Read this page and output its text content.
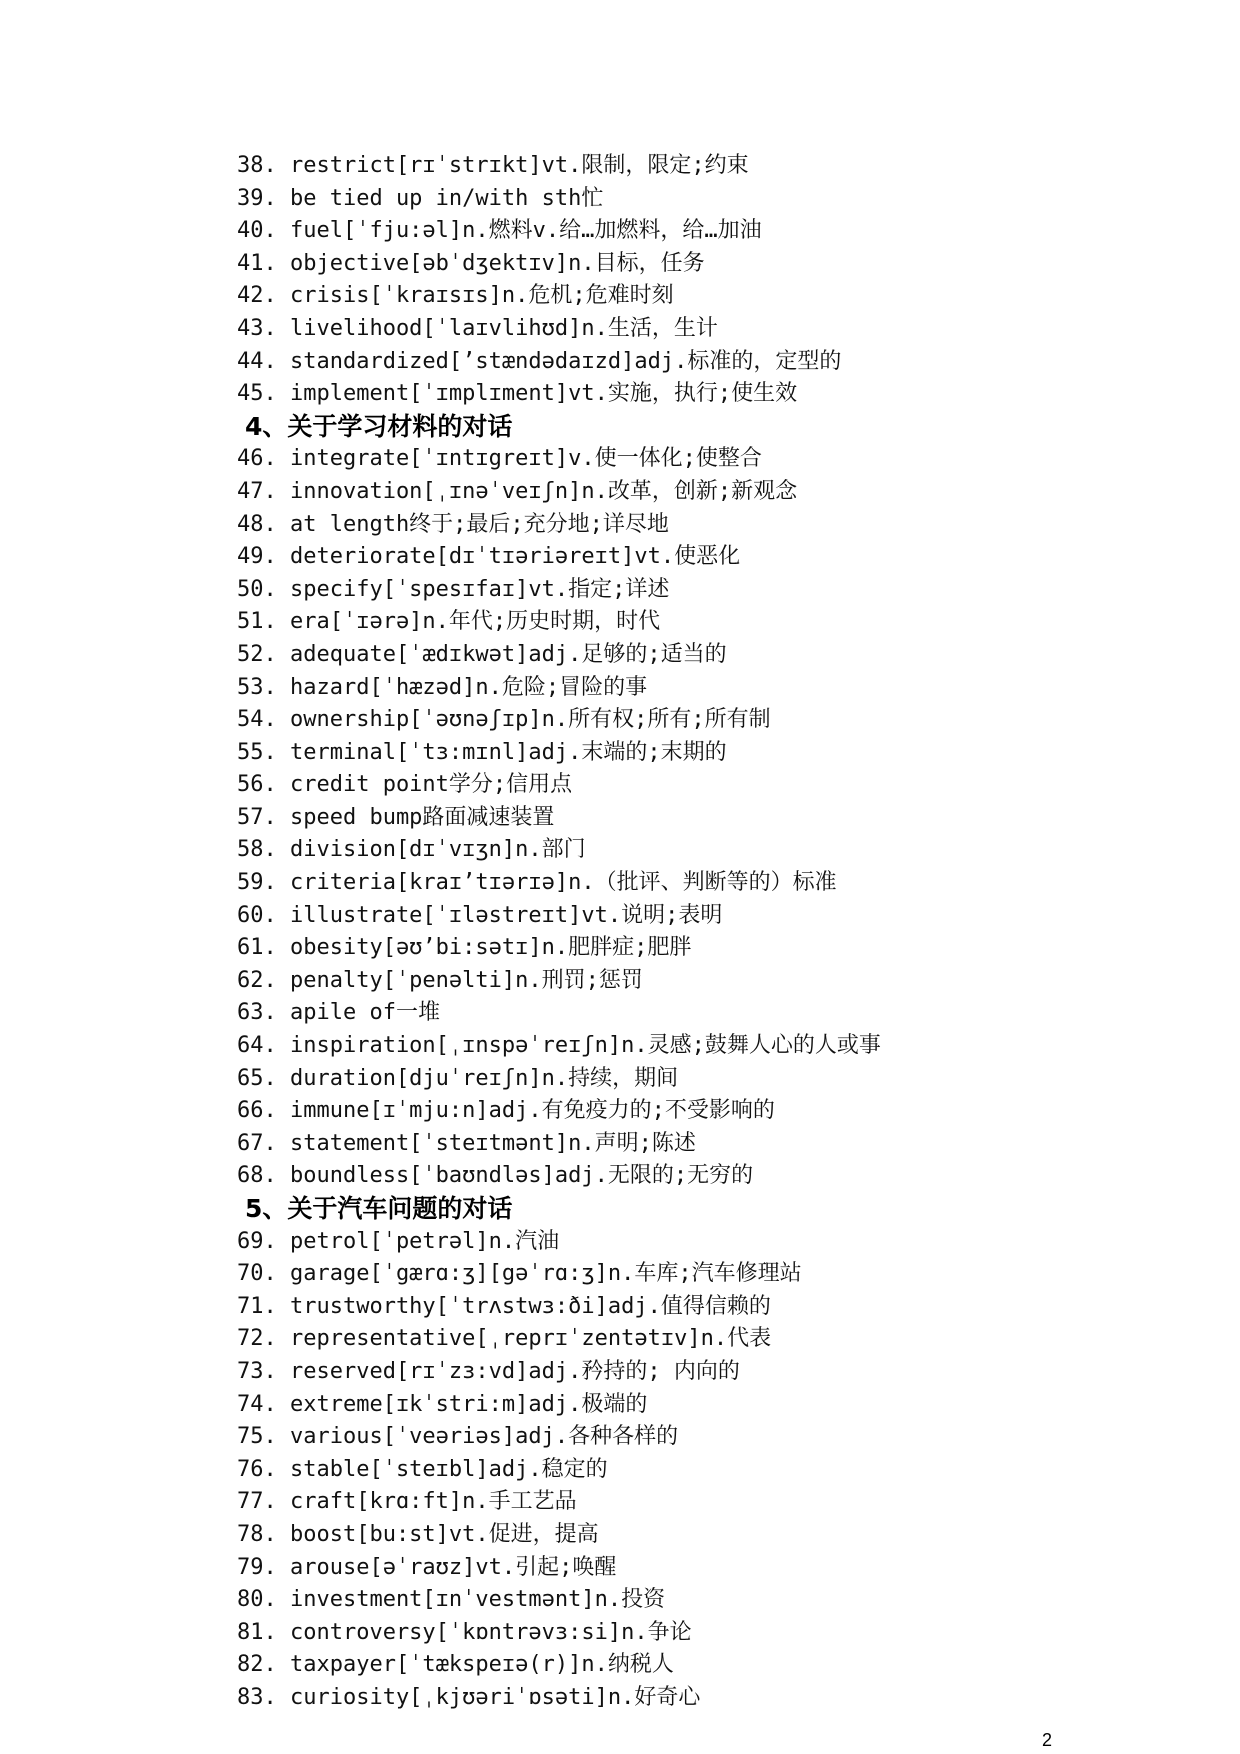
38. restrict[rɪˈstrɪkt]vt.限制，限定;约束
39. be tied up in/with sth忙
40. fuel[ˈfju:əl]n.燃料v.给…加燃料，给…加油
41. objective[əbˈdʒektɪv]n.目标，任务
42. crisis[ˈkraɪsɪs]n.危机;危难时刻
43. livelihood[ˈlaɪvlihʊd]n.生活，生计
44. standardized[’stændədaɪzd]adj.标准的，定型的
45. implement[ˈɪmplɪment]vt.实施，执行;使生效
4、关于学习材料的对话
46. integrate[ˈɪntɪgreɪt]v.使一体化;使整合
47. innovation[ˌɪnəˈveɪʃn]n.改革，创新;新观念
48. at length终于;最后;充分地;详尽地
49. deteriorate[dɪˈtɪəriəreɪt]vt.使恶化
50. specify[ˈspesɪfaɪ]vt.指定;详述
51. era[ˈɪərə]n.年代;历史时期，时代
52. adequate[ˈædɪkwət]adj.足够的;适当的
53. hazard[ˈhæzəd]n.危险;冒险的事
54. ownership[ˈəʊnəʃɪp]n.所有权;所有;所有制
55. terminal[ˈtɜ:mɪnl]adj.末端的;末期的
56. credit point学分;信用点
57. speed bump路面减速装置
58. division[dɪˈvɪʒn]n.部门
59. criteria[kraɪ’tɪərɪə]n.（批评、判断等的）标准
60. illustrate[ˈɪləstreɪt]vt.说明;表明
61. obesity[əʊ’bi:sətɪ]n.肥胖症;肥胖
62. penalty[ˈpenəlti]n.刑罚;惩罚
63. apile of一堆
64. inspiration[ˌɪnspəˈreɪʃn]n.灵感;鼓舞人心的人或事
65. duration[djuˈreɪʃn]n.持续，期间
66. immune[ɪˈmju:n]adj.有免疫力的;不受影响的
67. statement[ˈsteɪtmənt]n.声明;陈述
68. boundless[ˈbaʊndləs]adj.无限的;无穷的
5、关于汽车问题的对话
69. petrol[ˈpetrəl]n.汽油
70. garage[ˈgærɑ:ʒ][gəˈrɑ:ʒ]n.车库;汽车修理站
71. trustworthy[ˈtrʌstwɜ:ði]adj.值得信赖的
72. representative[ˌreprɪˈzentətɪv]n.代表
73. reserved[rɪˈzɜ:vd]adj.矜持的; 内向的
74. extreme[ɪkˈstri:m]adj.极端的
75. various[ˈveəriəs]adj.各种各样的
76. stable[ˈsteɪbl]adj.稳定的
77. craft[krɑ:ft]n.手工艺品
78. boost[bu:st]vt.促进，提高
79. arouse[əˈraʊz]vt.引起;唤醒
80. investment[ɪnˈvestmənt]n.投资
81. controversy[ˈkɒntrəvɜ:si]n.争论
82. taxpayer[ˈtækspeɪə(r)]n.纳税人
83. curiosity[ˌkjʊəriˈɒsəti]n.好奇心
2
